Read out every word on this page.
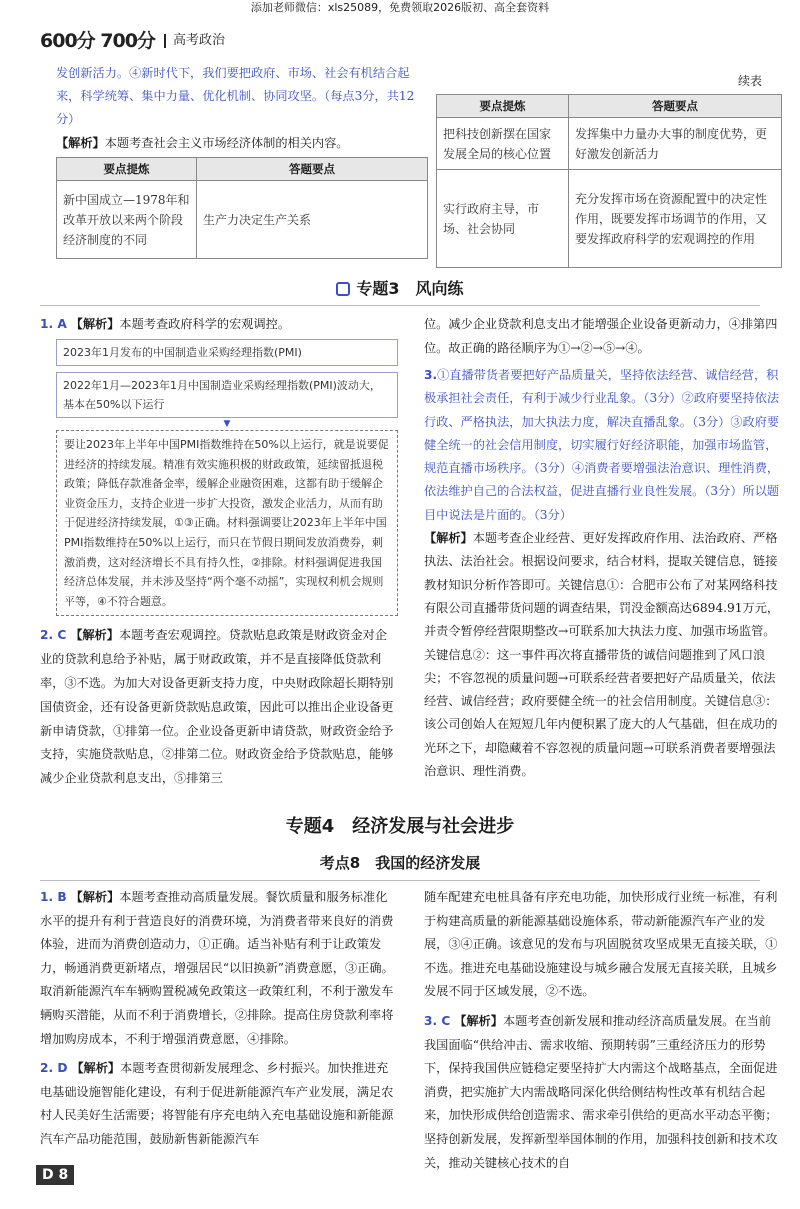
添加老师微信：xls25089，免费领取2026版初、高全套资料
600分 700分 高考政治

发创新活力。④新时代下，我们要把政府、市场、社会有机结合起来，科学统筹、集中力量、优化机制、协同攻坚。（每点3分，共12分）

【解析】本题考查社会主义市场经济体制的相关内容。

要点提炼	答题要点
新中国成立—1978年和改革开放以来两个阶段经济制度的不同	生产力决定生产关系

续表

要点提炼	答题要点
把科技创新摆在国家发展全局的核心位置	发挥集中力量办大事的制度优势，更好激发创新活力
实行政府主导，市场、社会协同	充分发挥市场在资源配置中的决定性作用，既要发挥市场调节的作用，又要发挥政府科学的宏观调控的作用
专题3　风向练

1. A 【解析】本题考查政府科学的宏观调控。

2023年1月发布的中国制造业采购经理指数(PMI)
2022年1月—2023年1月中国制造业采购经理指数(PMI)波动大，基本在50%以下运行
▼
要让2023年上半年中国PMI指数维持在50%以上运行，就是说要促进经济的持续发展。精准有效实施积极的财政政策，延续留抵退税政策；降低存款准备金率，缓解企业融资困难，这都有助于缓解企业资金压力，支持企业进一步扩大投资，激发企业活力，从而有助于促进经济持续发展，①③正确。材料强调要让2023年上半年中国PMI指数维持在50%以上运行，而只在节假日期间发放消费券，刺激消费，这对经济增长不具有持久性，②排除。材料强调促进我国经济总体发展，并未涉及坚持“两个毫不动摇”，实现权利机会规则平等，④不符合题意。

2. C 【解析】本题考查宏观调控。贷款贴息政策是财政资金对企业的贷款利息给予补贴，属于财政政策，并不是直接降低贷款利率，③不选。为加大对设备更新支持力度，中央财政除超长期特别国债资金，还有设备更新贷款贴息政策，因此可以推出企业设备更新申请贷款，①排第一位。企业设备更新申请贷款，财政资金给予支持，实施贷款贴息，②排第二位。财政资金给予贷款贴息，能够减少企业贷款利息支出，⑤排第三

位。减少企业贷款利息支出才能增强企业设备更新动力，④排第四位。故正确的路径顺序为①→②→⑤→④。

3.①直播带货者要把好产品质量关，坚持依法经营、诚信经营，积极承担社会责任，有利于减少行业乱象。（3分）②政府要坚持依法行政、严格执法，加大执法力度，解决直播乱象。（3分）③政府要健全统一的社会信用制度，切实履行好经济职能，加强市场监管，规范直播市场秩序。（3分）④消费者要增强法治意识、理性消费，依法维护自己的合法权益，促进直播行业良性发展。（3分）所以题目中说法是片面的。（3分）

【解析】本题考查企业经营、更好发挥政府作用、法治政府、严格执法、法治社会。根据设问要求，结合材料，提取关键信息，链接教材知识分析作答即可。关键信息①：合肥市公布了对某网络科技有限公司直播带货问题的调查结果，罚没金额高达6894.91万元，并责令暂停经营限期整改→可联系加大执法力度、加强市场监管。关键信息②：这一事件再次将直播带货的诚信问题推到了风口浪尖；不容忽视的质量问题→可联系经营者要把好产品质量关，依法经营、诚信经营；政府要健全统一的社会信用制度。关键信息③：该公司创始人在短短几年内便积累了庞大的人气基础，但在成功的光环之下，却隐藏着不容忽视的质量问题→可联系消费者要增强法治意识、理性消费。

专题4　经济发展与社会进步
考点8　我国的经济发展

1. B 【解析】本题考查推动高质量发展。餐饮质量和服务标准化水平的提升有利于营造良好的消费环境，为消费者带来良好的消费体验，进而为消费创造动力，①正确。适当补贴有利于让政策发力，畅通消费更新堵点，增强居民“以旧换新”消费意愿，③正确。取消新能源汽车车辆购置税减免政策这一政策红利，不利于激发车辆购买潜能，从而不利于消费增长，②排除。提高住房贷款利率将增加购房成本，不利于增强消费意愿，④排除。

2. D 【解析】本题考查贯彻新发展理念、乡村振兴。加快推进充电基础设施智能化建设，有利于促进新能源汽车产业发展，满足农村人民美好生活需要；将智能有序充电纳入充电基础设施和新能源汽车产品功能范围，鼓励新售新能源汽车

随车配建充电桩具备有序充电功能，加快形成行业统一标准，有利于构建高质量的新能源基础设施体系，带动新能源汽车产业的发展，③④正确。该意见的发布与巩固脱贫攻坚成果无直接关联，①不选。推进充电基础设施建设与城乡融合发展无直接关联，且城乡发展不同于区域发展，②不选。

3. C 【解析】本题考查创新发展和推动经济高质量发展。在当前我国面临“供给冲击、需求收缩、预期转弱”三重经济压力的形势下，保持我国供应链稳定要坚持扩大内需这个战略基点，全面促进消费，把实施扩大内需战略同深化供给侧结构性改革有机结合起来，加快形成供给创造需求、需求牵引供给的更高水平动态平衡；坚持创新发展，发挥新型举国体制的作用，加强科技创新和技术攻关，推动关键核心技术的自

D 8
